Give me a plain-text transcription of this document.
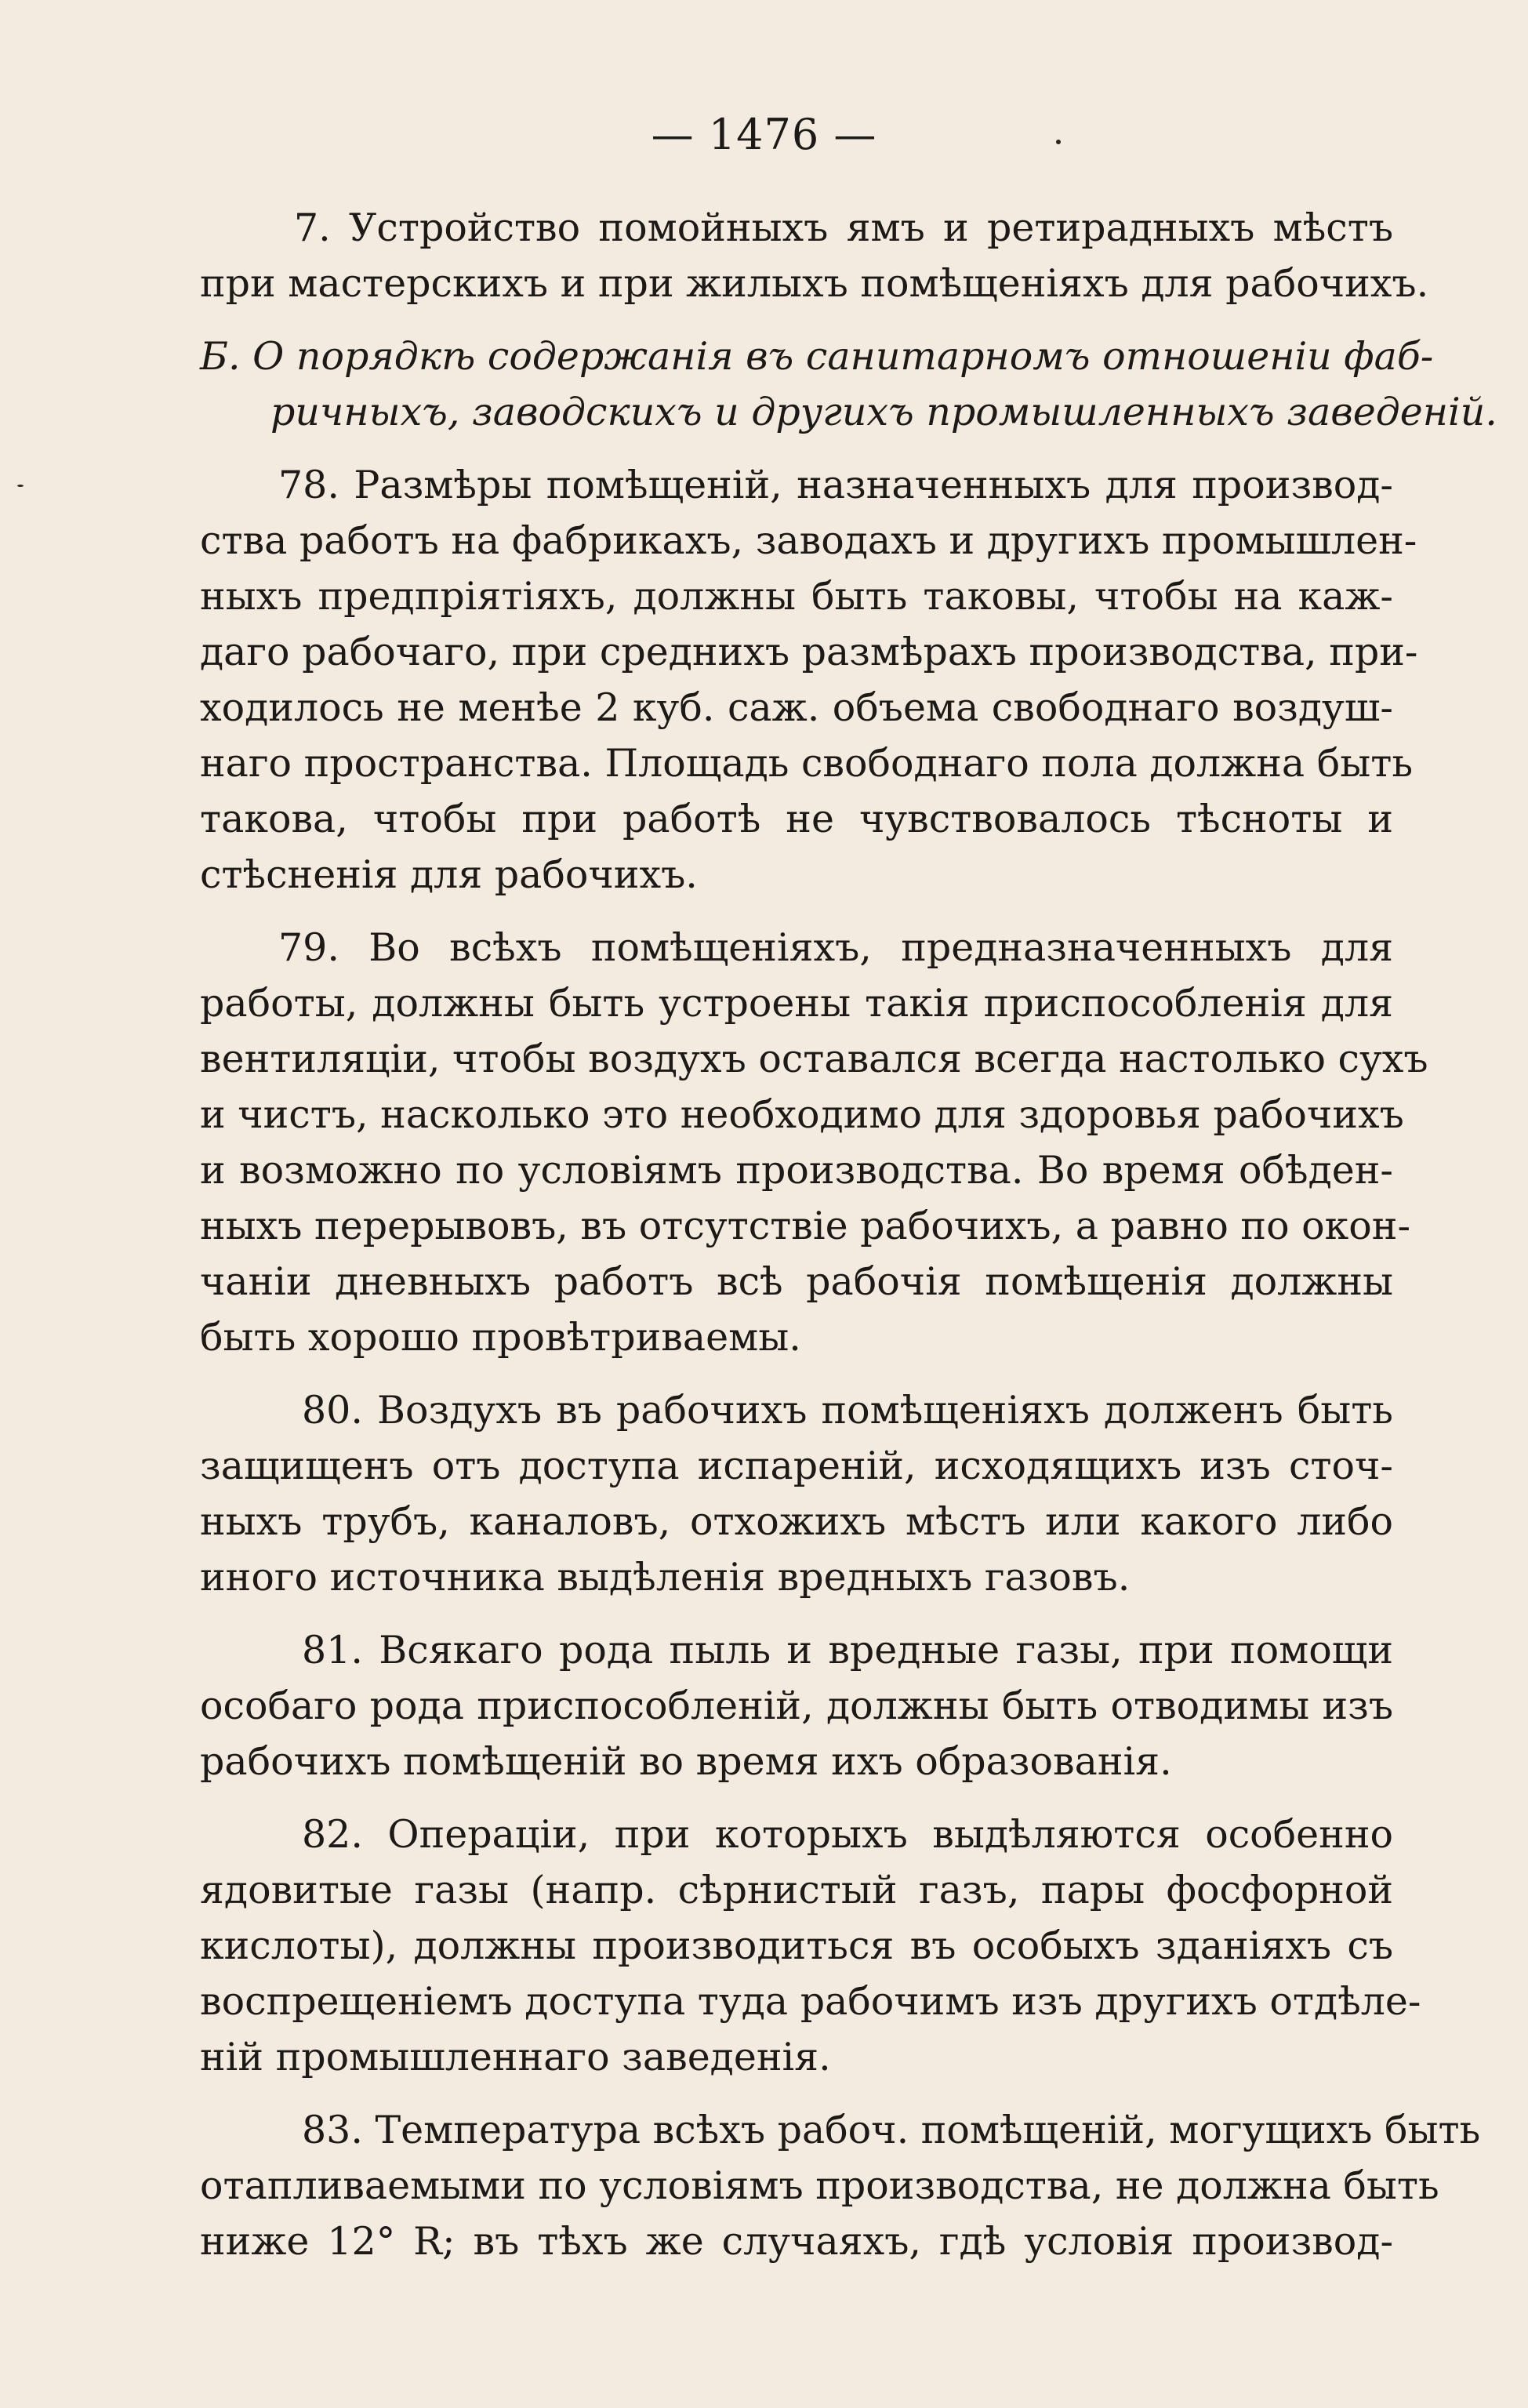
— 1476 —
7. Устройство помойныхъ ямъ и ретирадныхъ мѣстъ
при мастерскихъ и при жилыхъ помѣщеніяхъ для рабочихъ.
Б. О порядкѣ содержанія въ санитарномъ отношеніи фаб-
ричныхъ, заводскихъ и другихъ промышленныхъ заведеній.
78. Размѣры помѣщеній, назначенныхъ для производ-
ства работъ на фабрикахъ, заводахъ и другихъ промышлен-
ныхъ предпріятіяхъ, должны быть таковы, чтобы на каж-
даго рабочаго, при среднихъ размѣрахъ производства, при-
ходилось не менѣе 2 куб. саж. объема свободнаго воздуш-
наго пространства. Площадь свободнаго пола должна быть
такова, чтобы при работѣ не чувствовалось тѣсноты и
стѣсненія для рабочихъ.
79. Во всѣхъ помѣщеніяхъ, предназначенныхъ для
работы, должны быть устроены такія приспособленія для
вентиляціи, чтобы воздухъ оставался всегда настолько сухъ
и чистъ, насколько это необходимо для здоровья рабочихъ
и возможно по условіямъ производства. Во время обѣден-
ныхъ перерывовъ, въ отсутствіе рабочихъ, а равно по окон-
чаніи дневныхъ работъ всѣ рабочія помѣщенія должны
быть хорошо провѣтриваемы.
80. Воздухъ въ рабочихъ помѣщеніяхъ долженъ быть
защищенъ отъ доступа испареній, исходящихъ изъ сточ-
ныхъ трубъ, каналовъ, отхожихъ мѣстъ или какого либо
иного источника выдѣленія вредныхъ газовъ.
81. Всякаго рода пыль и вредные газы, при помощи
особаго рода приспособленій, должны быть отводимы изъ
рабочихъ помѣщеній во время ихъ образованія.
82. Операціи, при которыхъ выдѣляются особенно
ядовитые газы (напр. сѣрнистый газъ, пары фосфорной
кислоты), должны производиться въ особыхъ зданіяхъ съ
воспрещеніемъ доступа туда рабочимъ изъ другихъ отдѣле-
ній промышленнаго заведенія.
83. Температура всѣхъ рабоч. помѣщеній, могущихъ быть
отапливаемыми по условіямъ производства, не должна быть
ниже 12° R; въ тѣхъ же случаяхъ, гдѣ условія производ-
